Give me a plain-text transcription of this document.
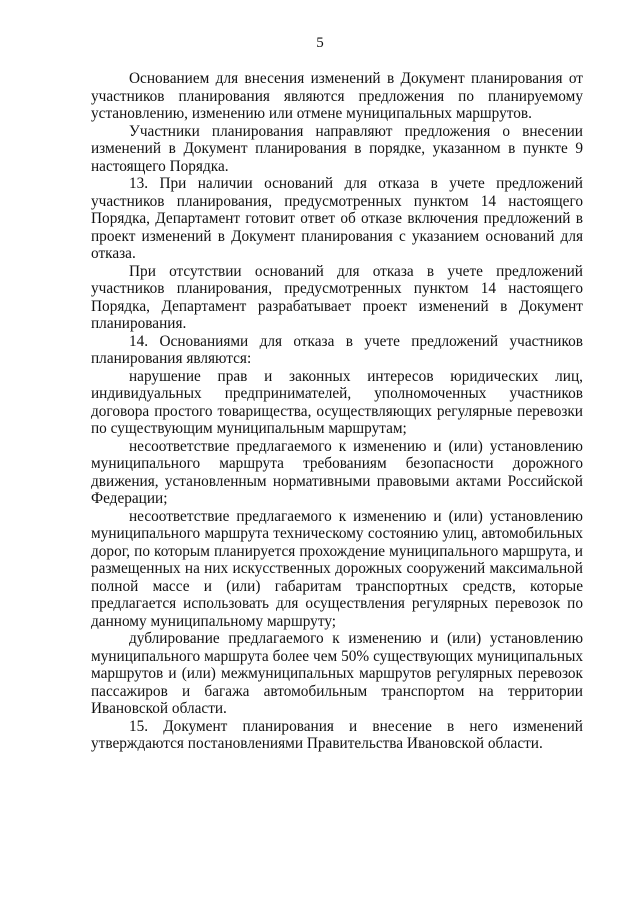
5

Основанием для внесения изменений в Документ планирования от участников планирования являются предложения по планируемому установлению, изменению или отмене муниципальных маршрутов.

Участники планирования направляют предложения о внесении изменений в Документ планирования в порядке, указанном в пункте 9 настоящего Порядка.

13. При наличии оснований для отказа в учете предложений участников планирования, предусмотренных пунктом 14 настоящего Порядка, Департамент готовит ответ об отказе включения предложений в проект изменений в Документ планирования с указанием оснований для отказа.

При отсутствии оснований для отказа в учете предложений участников планирования, предусмотренных пунктом 14 настоящего Порядка, Департамент разрабатывает проект изменений в Документ планирования.

14. Основаниями для отказа в учете предложений участников планирования являются:

нарушение прав и законных интересов юридических лиц, индивидуальных предпринимателей, уполномоченных участников договора простого товарищества, осуществляющих регулярные перевозки по существующим муниципальным маршрутам;

несоответствие предлагаемого к изменению и (или) установлению муниципального маршрута требованиям безопасности дорожного движения, установленным нормативными правовыми актами Российской Федерации;

несоответствие предлагаемого к изменению и (или) установлению муниципального маршрута техническому состоянию улиц, автомобильных дорог, по которым планируется прохождение муниципального маршрута, и размещенных на них искусственных дорожных сооружений максимальной полной массе и (или) габаритам транспортных средств, которые предлагается использовать для осуществления регулярных перевозок по данному муниципальному маршруту;

дублирование предлагаемого к изменению и (или) установлению муниципального маршрута более чем 50% существующих муниципальных маршрутов и (или) межмуниципальных маршрутов регулярных перевозок пассажиров и багажа автомобильным транспортом на территории Ивановской области.

15. Документ планирования и внесение в него изменений утверждаются постановлениями Правительства Ивановской области.
